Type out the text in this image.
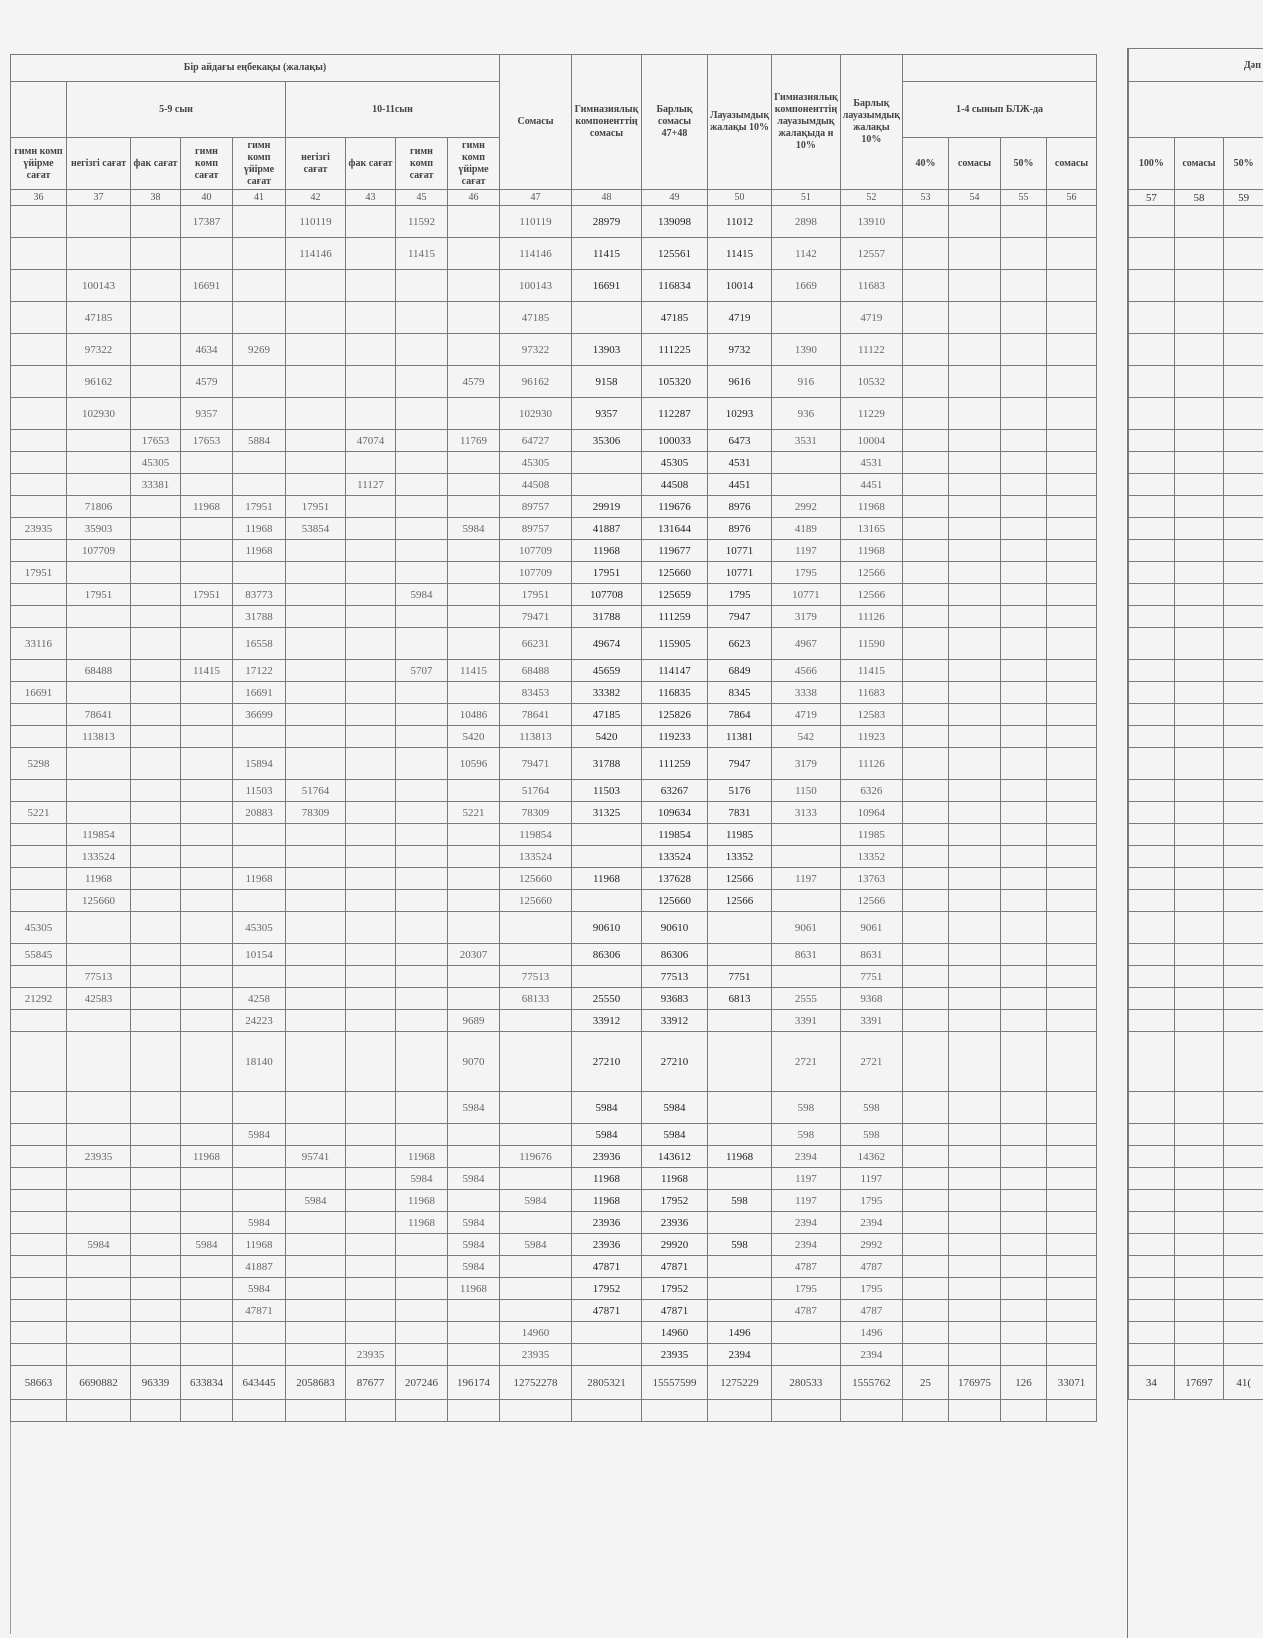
Бір айдағы еңбекақы (жалақы)									Сомасы	Гимназиялық компоненттің сомасы	Барлық сомасы 47+48	Лауазымдық жалақы 10%	Гимназиялық компоненттің лауазымдық жалақыда н 10%	Барлық лауазымдық жалақы 10%				
	5-9 сын				10-11сын										1-4 сынып БЛЖ-да			
гимн комп үйірме сағат	негізгі сағат	фак сағат	гимн комп сағат	гимн комп үйірме сағат	негізгі сағат	фак сағат	гимн комп сағат	гимн комп үйірме сағат							40%	сомасы	50%	сомасы
36	37	38	40	41	42	43	45	46	47	48	49	50	51	52	53	54	55	56
			17387		110119		11592		110119	28979	139098	11012	2898	13910				
					114146		11415		114146	11415	125561	11415	1142	12557				
	100143		16691						100143	16691	116834	10014	1669	11683				
	47185								47185		47185	4719		4719				
	97322		4634	9269					97322	13903	111225	9732	1390	11122				
	96162		4579					4579	96162	9158	105320	9616	916	10532				
	102930		9357						102930	9357	112287	10293	936	11229				
		17653	17653	5884		47074		11769	64727	35306	100033	6473	3531	10004				
		45305							45305		45305	4531		4531				
		33381				11127			44508		44508	4451		4451				
	71806		11968	17951	17951				89757	29919	119676	8976	2992	11968				
23935	35903			11968	53854			5984	89757	41887	131644	8976	4189	13165				
	107709			11968					107709	11968	119677	10771	1197	11968				
17951									107709	17951	125660	10771	1795	12566				
	17951		17951	83773			5984		17951	107708	125659	1795	10771	12566				
				31788					79471	31788	111259	7947	3179	11126				
33116				16558					66231	49674	115905	6623	4967	11590				
	68488		11415	17122			5707	11415	68488	45659	114147	6849	4566	11415				
16691				16691					83453	33382	116835	8345	3338	11683				
	78641			36699				10486	78641	47185	125826	7864	4719	12583				
	113813							5420	113813	5420	119233	11381	542	11923				
5298				15894				10596	79471	31788	111259	7947	3179	11126				
				11503	51764				51764	11503	63267	5176	1150	6326				
5221				20883	78309			5221	78309	31325	109634	7831	3133	10964				
	119854								119854		119854	11985		11985				
	133524								133524		133524	13352		13352				
	11968			11968					125660	11968	137628	12566	1197	13763				
	125660								125660		125660	12566		12566				
45305				45305						90610	90610		9061	9061				
55845				10154				20307		86306	86306		8631	8631				
	77513								77513		77513	7751		7751				
21292	42583			4258					68133	25550	93683	6813	2555	9368				
				24223				9689		33912	33912		3391	3391				
				18140				9070		27210	27210		2721	2721				
								5984		5984	5984		598	598				
				5984						5984	5984		598	598				
	23935		11968		95741		11968		119676	23936	143612	11968	2394	14362				
							5984	5984		11968	11968		1197	1197				
					5984		11968		5984	11968	17952	598	1197	1795				
				5984			11968	5984		23936	23936		2394	2394				
	5984		5984	11968				5984	5984	23936	29920	598	2394	2992				
				41887				5984		47871	47871		4787	4787				
				5984				11968		17952	17952		1795	1795				
				47871						47871	47871		4787	4787				
									14960		14960	1496		1496				
						23935			23935		23935	2394		2394				
58663	6690882	96339	633834	643445	2058683	87677	207246	196174	12752278	2805321	15557599	1275229	280533	1555762	25	176975	126	33071

Дәп		

100%	сомасы	50%
57	58	59

34	17697	41(
